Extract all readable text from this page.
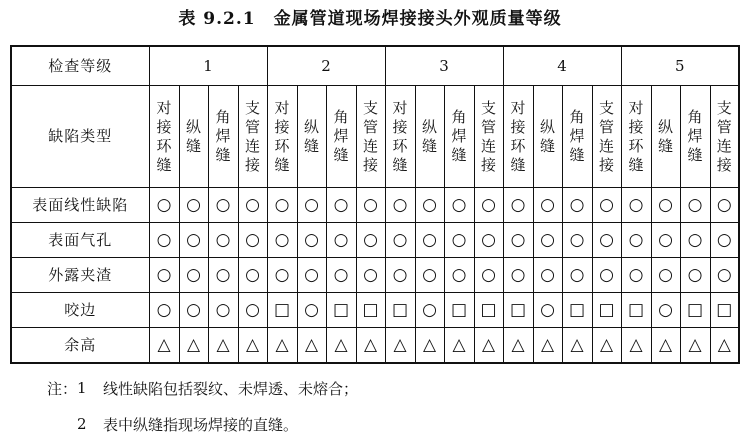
表 9.2.1　金属管道现场焊接接头外观质量等级
检查等级	1				2				3				4				5			
缺陷类型	对接环缝	纵缝	角焊缝	支管连接	对接环缝	纵缝	角焊缝	支管连接	对接环缝	纵缝	角焊缝	支管连接	对接环缝	纵缝	角焊缝	支管连接	对接环缝	纵缝	角焊缝	支管连接
表面线性缺陷	○	○	○	○	○	○	○	○	○	○	○	○	○	○	○	○	○	○	○	○
表面气孔	○	○	○	○	○	○	○	○	○	○	○	○	○	○	○	○	○	○	○	○
外露夹渣	○	○	○	○	○	○	○	○	○	○	○	○	○	○	○	○	○	○	○	○
咬边	○	○	○	○	□	○	□	□	□	○	□	□	□	○	□	□	□	○	□	□
余高	△	△	△	△	△	△	△	△	△	△	△	△	△	△	△	△	△	△	△	△
注： 1	线性缺陷包括裂纹、未焊透、未熔合；
2	表中纵缝指现场焊接的直缝。
